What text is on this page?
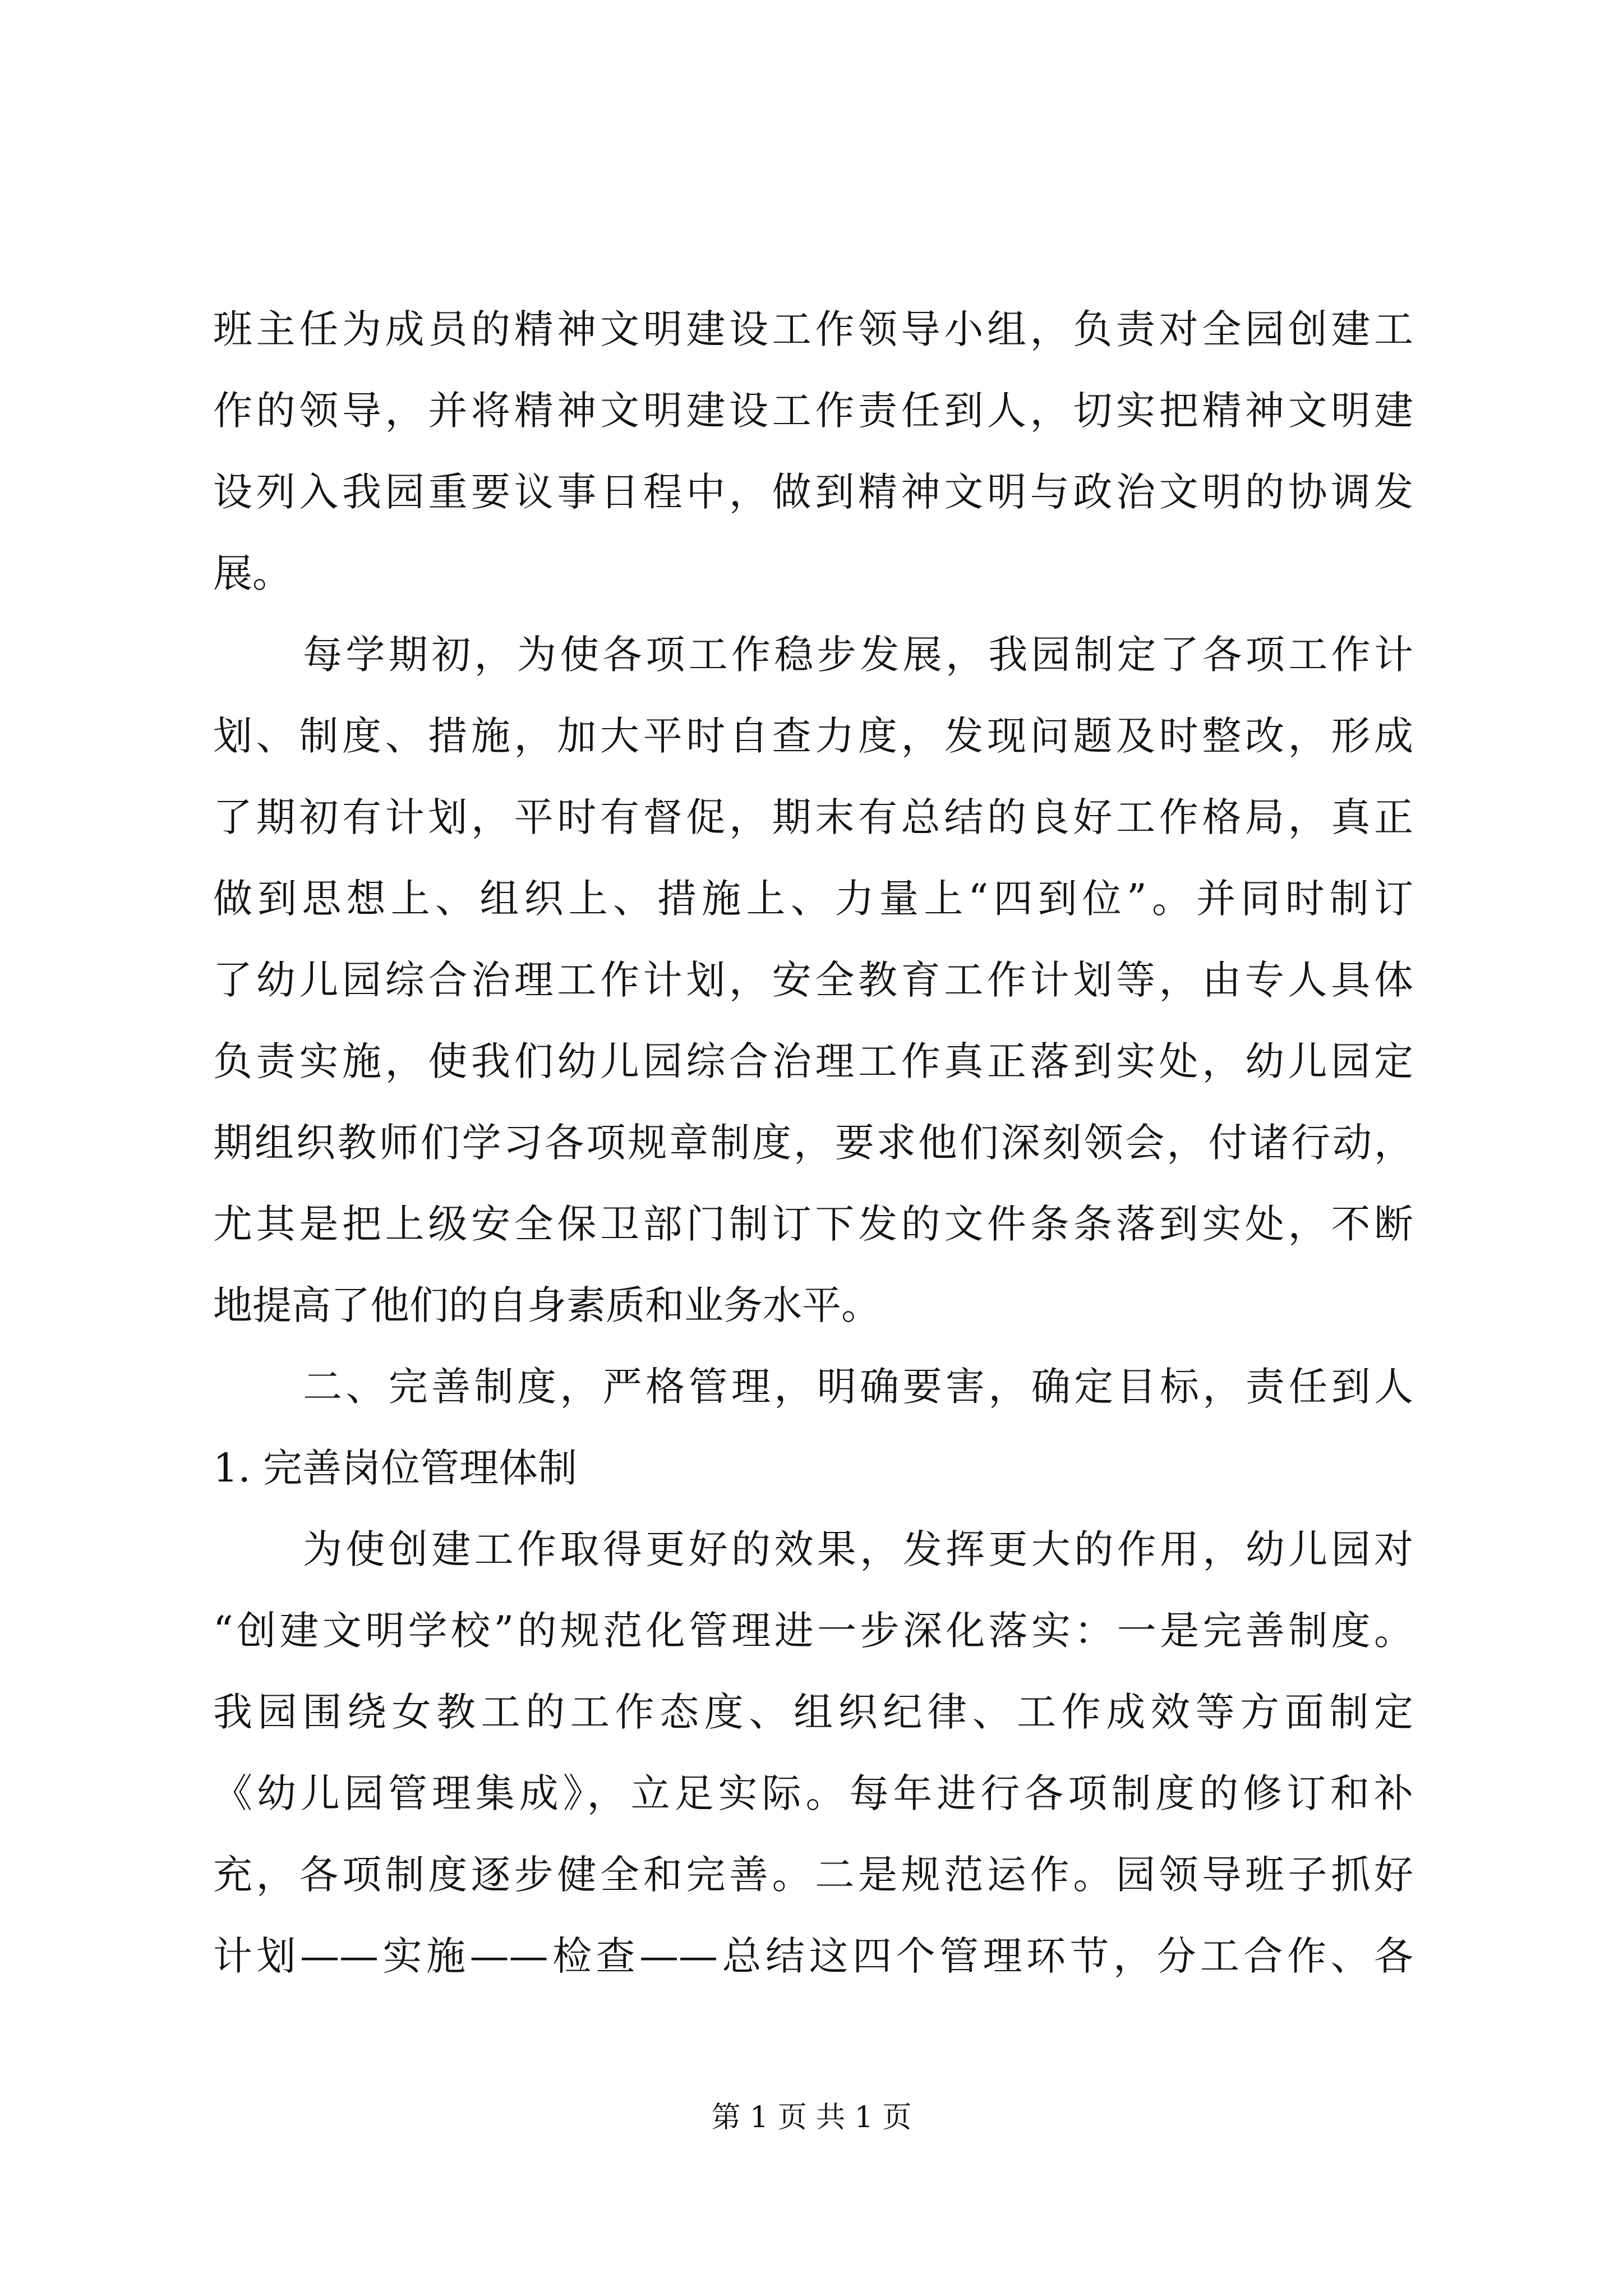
班主任为成员的精神文明建设工作领导小组，负责对全园创建工
作的领导，并将精神文明建设工作责任到人，切实把精神文明建
设列入我园重要议事日程中，做到精神文明与政治文明的协调发
展。
每学期初，为使各项工作稳步发展，我园制定了各项工作计
划、制度、措施，加大平时自查力度，发现问题及时整改，形成
了期初有计划，平时有督促，期末有总结的良好工作格局，真正
做到思想上、组织上、措施上、力量上“四到位”。并同时制订
了幼儿园综合治理工作计划，安全教育工作计划等，由专人具体
负责实施，使我们幼儿园综合治理工作真正落到实处，幼儿园定
期组织教师们学习各项规章制度，要求他们深刻领会，付诸行动，
尤其是把上级安全保卫部门制订下发的文件条条落到实处，不断
地提高了他们的自身素质和业务水平。
二、完善制度，严格管理，明确要害，确定目标，责任到人
1. 完善岗位管理体制
为使创建工作取得更好的效果，发挥更大的作用，幼儿园对
“创建文明学校”的规范化管理进一步深化落实：一是完善制度。
我园围绕女教工的工作态度、组织纪律、工作成效等方面制定
《幼儿园管理集成》，立足实际。每年进行各项制度的修订和补
充，各项制度逐步健全和完善。二是规范运作。园领导班子抓好
计划——实施——检查——总结这四个管理环节，分工合作、各
第 1 页 共 1 页
